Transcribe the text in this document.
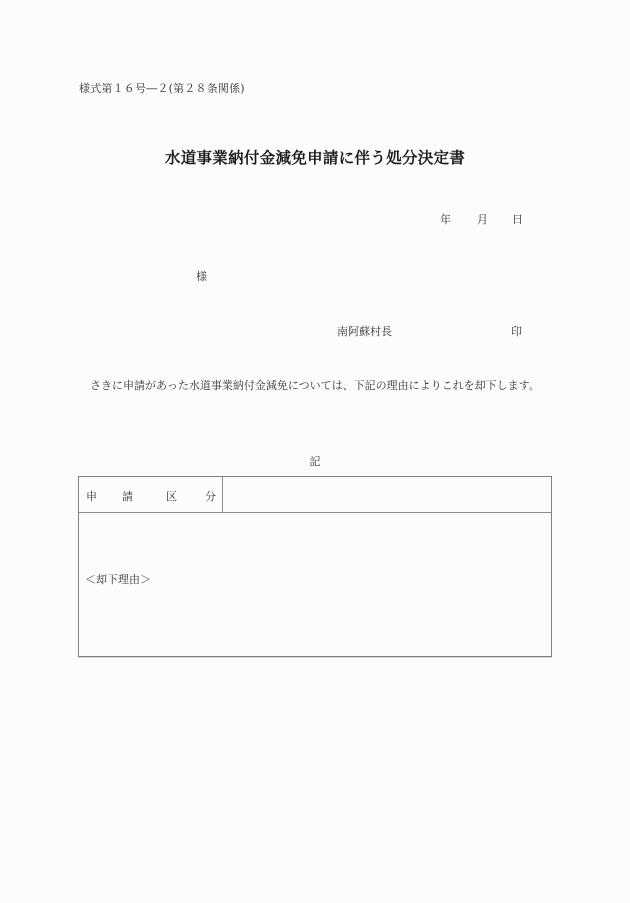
様式第１６号―２(第２８条関係)
水道事業納付金減免申請に伴う処分決定書
年 月 日
様
南阿蘇村長	印
さきに申請があった水道事業納付金減免については、下記の理由によりこれを却下します。
記
申 請	区	分
＜却下理由＞
